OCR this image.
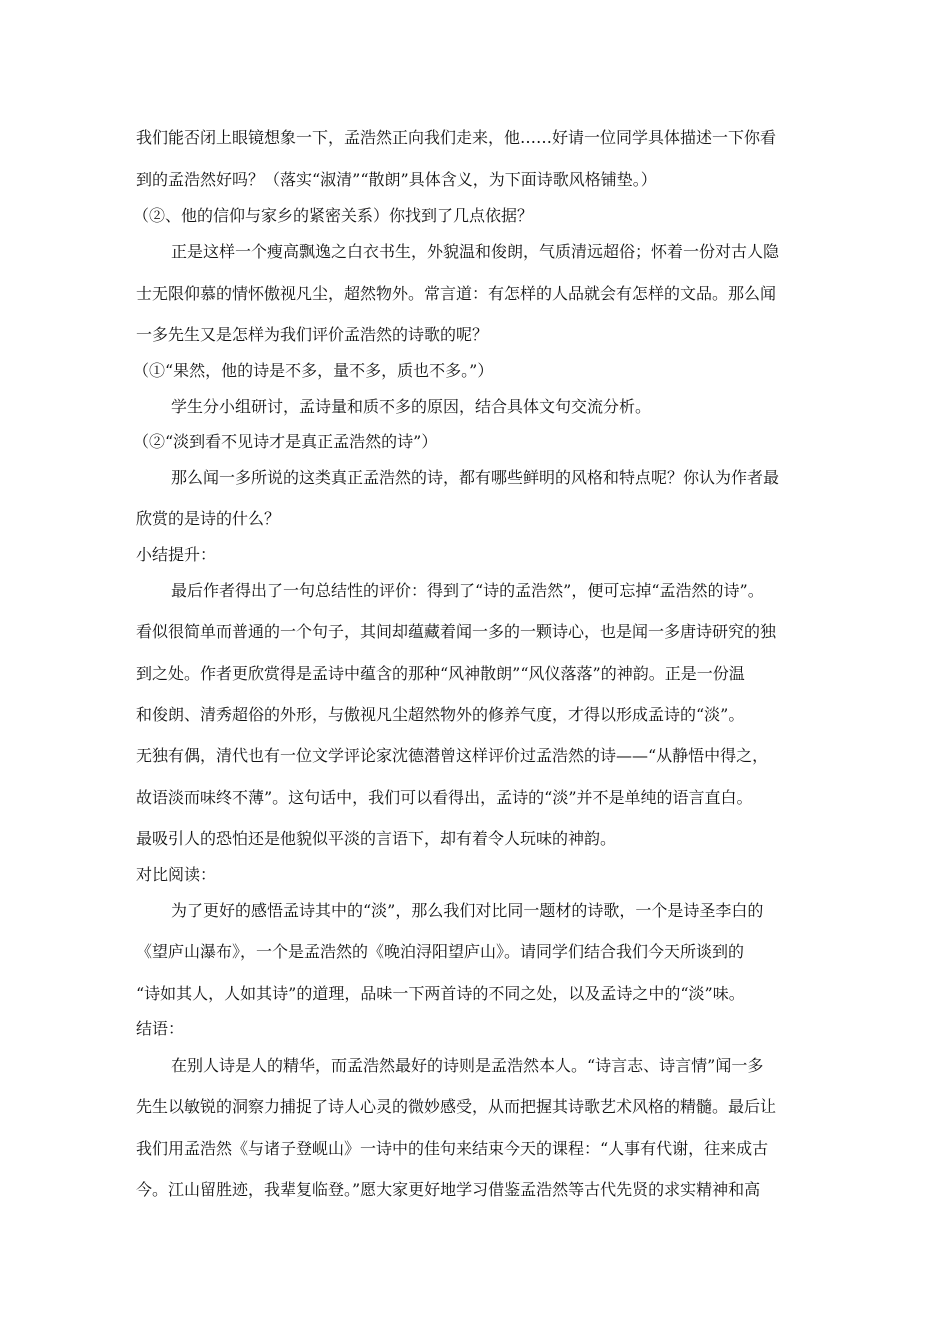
我们能否闭上眼镜想象一下，孟浩然正向我们走来，他……好请一位同学具体描述一下你看

到的孟浩然好吗？（落实“淑清”“散朗”具体含义，为下面诗歌风格铺垫。）

（②、他的信仰与家乡的紧密关系）你找到了几点依据？

正是这样一个瘦高飘逸之白衣书生，外貌温和俊朗，气质清远超俗；怀着一份对古人隐

士无限仰慕的情怀傲视凡尘，超然物外。常言道：有怎样的人品就会有怎样的文品。那么闻

一多先生又是怎样为我们评价孟浩然的诗歌的呢？

（①“果然，他的诗是不多，量不多，质也不多。”）

学生分小组研讨，孟诗量和质不多的原因，结合具体文句交流分析。

（②“淡到看不见诗才是真正孟浩然的诗”）

那么闻一多所说的这类真正孟浩然的诗，都有哪些鲜明的风格和特点呢？你认为作者最

欣赏的是诗的什么？

小结提升：

最后作者得出了一句总结性的评价：得到了“诗的孟浩然”，便可忘掉“孟浩然的诗”。

看似很简单而普通的一个句子，其间却蕴藏着闻一多的一颗诗心，也是闻一多唐诗研究的独

到之处。作者更欣赏得是孟诗中蕴含的那种“风神散朗”“风仪落落”的神韵。正是一份温

和俊朗、清秀超俗的外形，与傲视凡尘超然物外的修养气度，才得以形成孟诗的“淡”。

无独有偶，清代也有一位文学评论家沈德潜曾这样评价过孟浩然的诗——“从静悟中得之，

故语淡而味终不薄”。这句话中，我们可以看得出，孟诗的“淡”并不是单纯的语言直白。

最吸引人的恐怕还是他貌似平淡的言语下，却有着令人玩味的神韵。

对比阅读：

为了更好的感悟孟诗其中的“淡”，那么我们对比同一题材的诗歌，一个是诗圣李白的

《望庐山瀑布》，一个是孟浩然的《晚泊浔阳望庐山》。请同学们结合我们今天所谈到的

“诗如其人，人如其诗”的道理，品味一下两首诗的不同之处，以及孟诗之中的“淡”味。

结语：

在别人诗是人的精华，而孟浩然最好的诗则是孟浩然本人。“诗言志、诗言情”闻一多

先生以敏锐的洞察力捕捉了诗人心灵的微妙感受，从而把握其诗歌艺术风格的精髓。最后让

我们用孟浩然《与诸子登岘山》一诗中的佳句来结束今天的课程：“人事有代谢，往来成古

今。江山留胜迹，我辈复临登。”愿大家更好地学习借鉴孟浩然等古代先贤的求实精神和高
